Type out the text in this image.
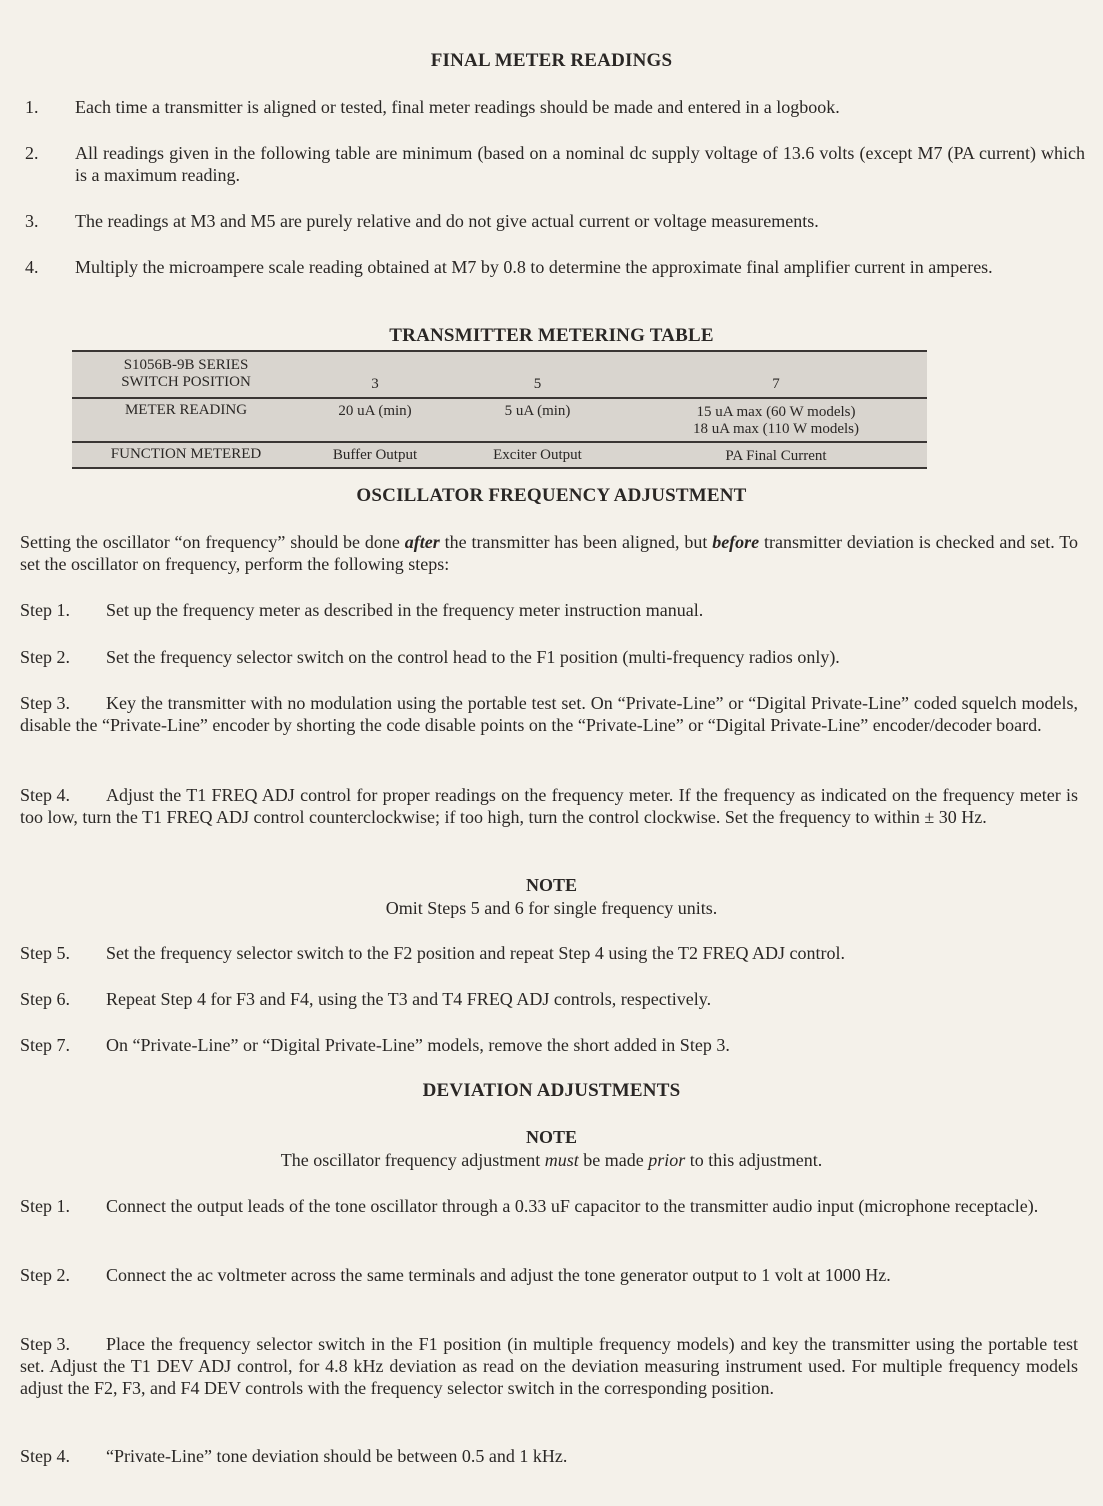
FINAL METER READINGS
1.	Each time a transmitter is aligned or tested, final meter readings should be made and entered in a logbook.
2.	All readings given in the following table are minimum (based on a nominal dc supply voltage of 13.6 volts (except M7 (PA current) which is a maximum reading.
3.	The readings at M3 and M5 are purely relative and do not give actual current or voltage measurements.
4.	Multiply the microampere scale reading obtained at M7 by 0.8 to determine the approximate final amplifier current in amperes.
TRANSMITTER METERING TABLE
S1056B-9B SERIES
SWITCH POSITION	3	5	7
METER READING	20 uA (min)	5 uA (min)	15 uA max (60 W models)
18 uA max (110 W models)
FUNCTION METERED	Buffer Output	Exciter Output	PA Final Current
OSCILLATOR FREQUENCY ADJUSTMENT
Setting the oscillator “on frequency” should be done after the transmitter has been aligned, but before transmitter deviation is checked and set. To set the oscillator on frequency, perform the following steps:
Step 1. Set up the frequency meter as described in the frequency meter instruction manual.
Step 2. Set the frequency selector switch on the control head to the F1 position (multi-frequency radios only).
Step 3. Key the transmitter with no modulation using the portable test set. On “Private-Line” or “Digital Private-Line” coded squelch models, disable the “Private-Line” encoder by shorting the code disable points on the “Private-Line” or “Digital Private-Line” encoder/decoder board.
Step 4. Adjust the T1 FREQ ADJ control for proper readings on the frequency meter. If the frequency as indicated on the frequency meter is too low, turn the T1 FREQ ADJ control counterclockwise; if too high, turn the control clockwise. Set the frequency to within ± 30 Hz.
NOTE
Omit Steps 5 and 6 for single frequency units.
Step 5. Set the frequency selector switch to the F2 position and repeat Step 4 using the T2 FREQ ADJ control.
Step 6. Repeat Step 4 for F3 and F4, using the T3 and T4 FREQ ADJ controls, respectively.
Step 7. On “Private-Line” or “Digital Private-Line” models, remove the short added in Step 3.
DEVIATION ADJUSTMENTS
NOTE
The oscillator frequency adjustment must be made prior to this adjustment.
Step 1. Connect the output leads of the tone oscillator through a 0.33 uF capacitor to the transmitter audio input (microphone receptacle).
Step 2. Connect the ac voltmeter across the same terminals and adjust the tone generator output to 1 volt at 1000 Hz.
Step 3. Place the frequency selector switch in the F1 position (in multiple frequency models) and key the transmitter using the portable test set. Adjust the T1 DEV ADJ control, for 4.8 kHz deviation as read on the deviation measuring instrument used. For multiple frequency models adjust the F2, F3, and F4 DEV controls with the frequency selector switch in the corresponding position.
Step 4. “Private-Line” tone deviation should be between 0.5 and 1 kHz.
